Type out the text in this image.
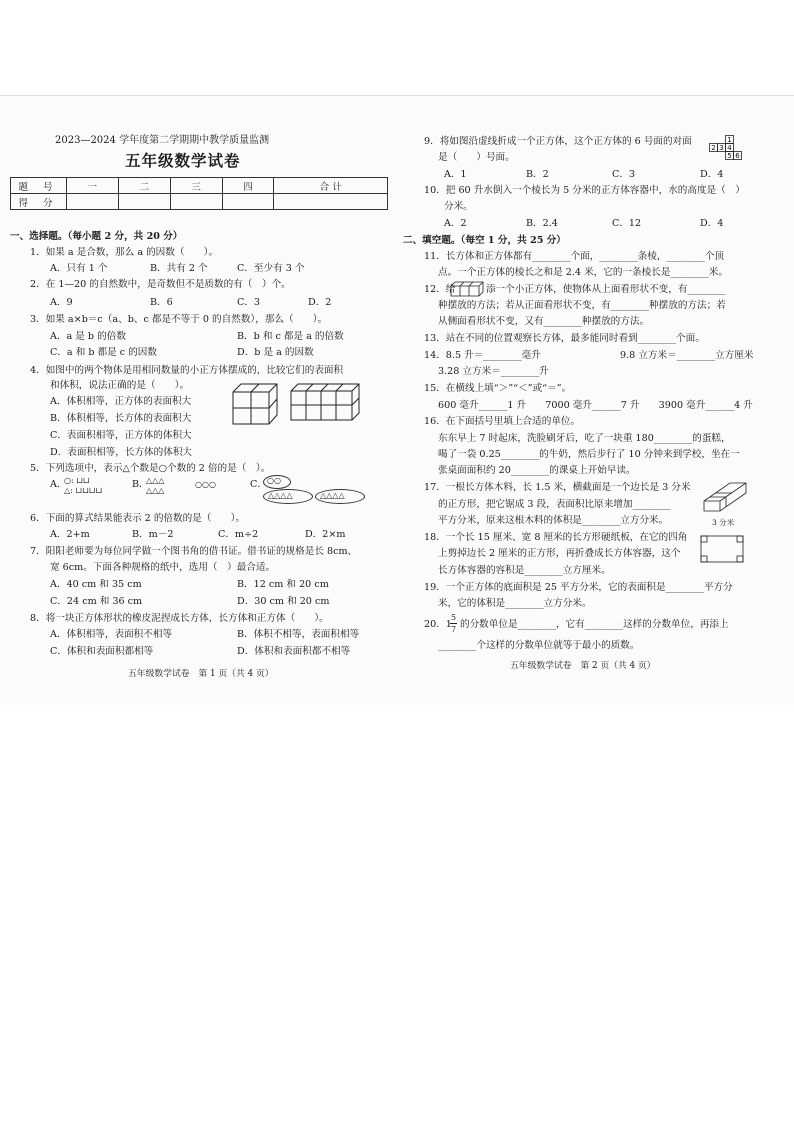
2023—2024 学年度第二学期期中教学质量监测
五年级数学试卷
题 号	一	二	三	四	合 计
得 分					
一、选择题。（每小题 2 分，共 20 分）
1．如果 a 是合数，那么 a 的因数（　　）。
A．只有 1 个	B．共有 2 个	C．至少有 3 个
2．在 1—20 的自然数中，是奇数但不是质数的有（　）个。
A．9	B．6	C．3	D．2
3．如果 a×b＝c（a、b、c 都是不等于 0 的自然数），那么（　　）。
A．a 是 b 的倍数	B．b 和 c 都是 a 的倍数
C．a 和 b 都是 c 的因数	D．b 是 a 的因数
4．如图中的两个物体是用相同数量的小正方体摆成的，比较它们的表面积
和体积，说法正确的是（　　）。
A．体积相等，正方体的表面积大
B．体积相等，长方体的表面积大
C．表面积相等，正方体的体积大
D．表面积相等，长方体的体积大
5．下列选项中，表示△个数是○个数的 2 倍的是（　）。
A．
○: ⊔⊔
△: ⊔⊔⊔⊔
B．
△△△
△△△
○○○	C． ○○
△△△△	△△△△
6．下面的算式结果能表示 2 的倍数的是（　　）。
A．2+m	B．m－2	C．m÷2	D．2×m
7．阳阳老师要为每位同学做一个图书角的借书证。借书证的规格是长 8cm、
宽 6cm。下面各种规格的纸中，选用（　）最合适。
A．40 cm 和 35 cm	B．12 cm 和 20 cm
C．24 cm 和 36 cm	D．30 cm 和 20 cm
8．将一块正方体形状的橡皮泥捏成长方体，长方体和正方体（　　）。
A．体积相等，表面积不相等	B．体积不相等，表面积相等
C．体积和表面积都相等	D．体积和表面积都不相等
五年级数学试卷　第 1 页（共 4 页）
9．将如图沿虚线折成一个正方体，这个正方体的 6 号面的对面
是（　　）号面。
1
2 3 4
5 6
A．1	B．2	C．3	D．4
10．把 60 升水倒入一个棱长为 5 分米的正方体容器中，水的高度是（　）
分米。
A．2	B．2.4	C．12	D．4
二、填空题。（每空 1 分，共 25 分）
11．长方体和正方体都有________个面，________条棱，________个顶
点。一个正方体的棱长之和是 2.4 米，它的一条棱长是________米。
12．给	添一个小正方体，使物体从上面看形状不变，有________
种摆放的方法；若从正面看形状不变，有________种摆放的方法；若
从侧面看形状不变，又有________种摆放的方法。
13．站在不同的位置观察长方体，最多能同时看到________个面。
14．8.5 升＝________毫升	9.8 立方米＝________立方厘米
3.28 立方米＝________升
15．在横线上填“＞”“＜”或“＝”。
600 毫升______1 升　　7000 毫升______7 升　　3900 毫升______4 升
16．在下面括号里填上合适的单位。
东东早上 7 时起床，洗脸刷牙后，吃了一块重 180________的蛋糕，
喝了一袋 0.25________的牛奶，然后步行了 10 分钟来到学校，坐在一
张桌面面积约 20________的课桌上开始早读。
17．一根长方体木料，长 1.5 米，横截面是一个边长是 3 分米
的正方形，把它锯成 3 段，表面积比原来增加________
平方分米，原来这根木料的体积是________立方分米。	3 分米
18．一个长 15 厘米、宽 8 厘米的长方形硬纸板，在它的四角
上剪掉边长 2 厘米的正方形，再折叠成长方体容器，这个
长方体容器的容积是________立方厘米。
19．一个正方体的底面积是 25 平方分米，它的表面积是________平方分
米，它的体积是________立方分米。
20．1
5
7 的分数单位是________，它有________这样的分数单位，再添上
________个这样的分数单位就等于最小的质数。
五年级数学试卷　第 2 页（共 4 页）
